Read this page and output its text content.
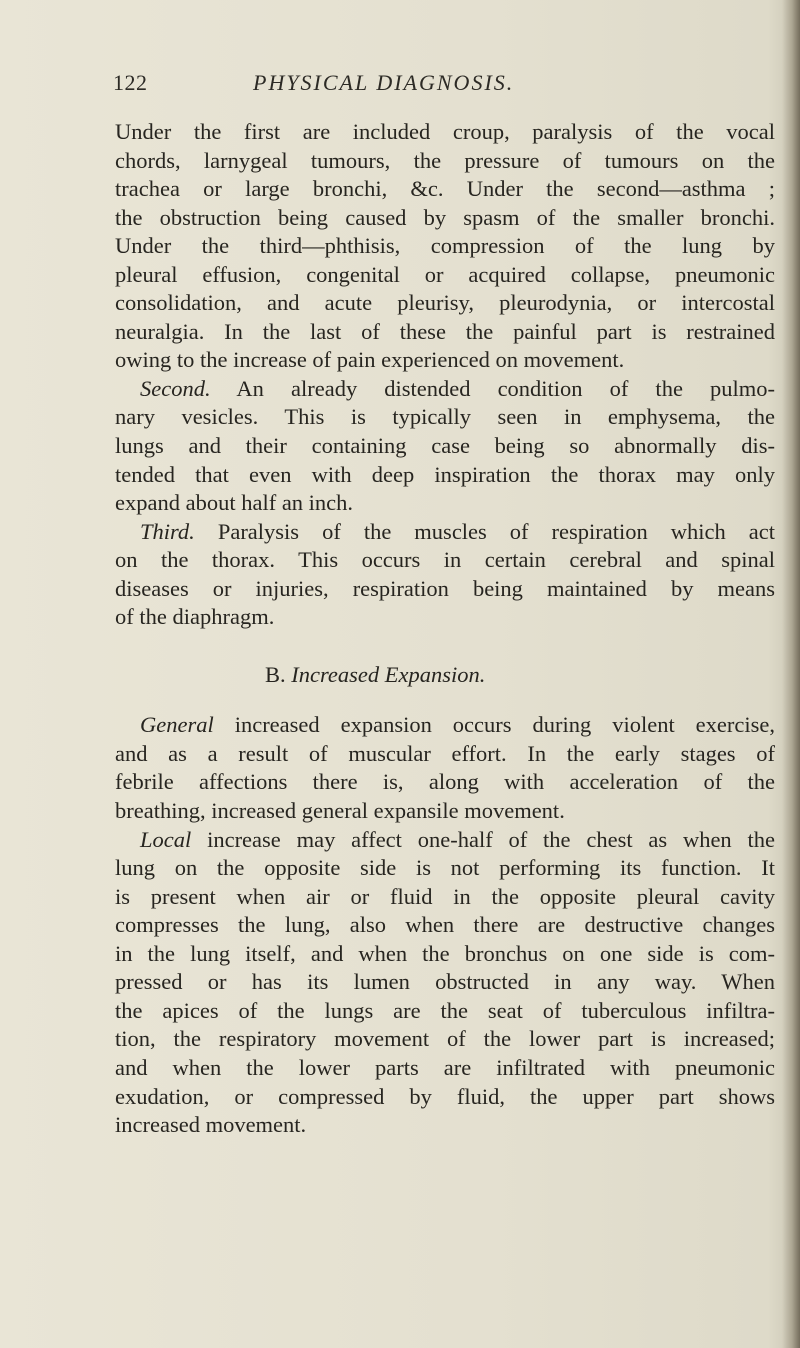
122	PHYSICAL DIAGNOSIS.
Under the first are included croup, paralysis of the vocal
chords, larnygeal tumours, the pressure of tumours on the
trachea or large bronchi, &c. Under the second—asthma ;
the obstruction being caused by spasm of the smaller bronchi.
Under the third—phthisis, compression of the lung by
pleural effusion, congenital or acquired collapse, pneumonic
consolidation, and acute pleurisy, pleurodynia, or intercostal
neuralgia. In the last of these the painful part is restrained
owing to the increase of pain experienced on movement.
Second. An already distended condition of the pulmo-
nary vesicles. This is typically seen in emphysema, the
lungs and their containing case being so abnormally dis-
tended that even with deep inspiration the thorax may only
expand about half an inch.
Third. Paralysis of the muscles of respiration which act
on the thorax. This occurs in certain cerebral and spinal
diseases or injuries, respiration being maintained by means
of the diaphragm.
B. Increased Expansion.
General increased expansion occurs during violent exercise,
and as a result of muscular effort. In the early stages of
febrile affections there is, along with acceleration of the
breathing, increased general expansile movement.
Local increase may affect one-half of the chest as when the
lung on the opposite side is not performing its function. It
is present when air or fluid in the opposite pleural cavity
compresses the lung, also when there are destructive changes
in the lung itself, and when the bronchus on one side is com-
pressed or has its lumen obstructed in any way. When
the apices of the lungs are the seat of tuberculous infiltra-
tion, the respiratory movement of the lower part is increased;
and when the lower parts are infiltrated with pneumonic
exudation, or compressed by fluid, the upper part shows
increased movement.
